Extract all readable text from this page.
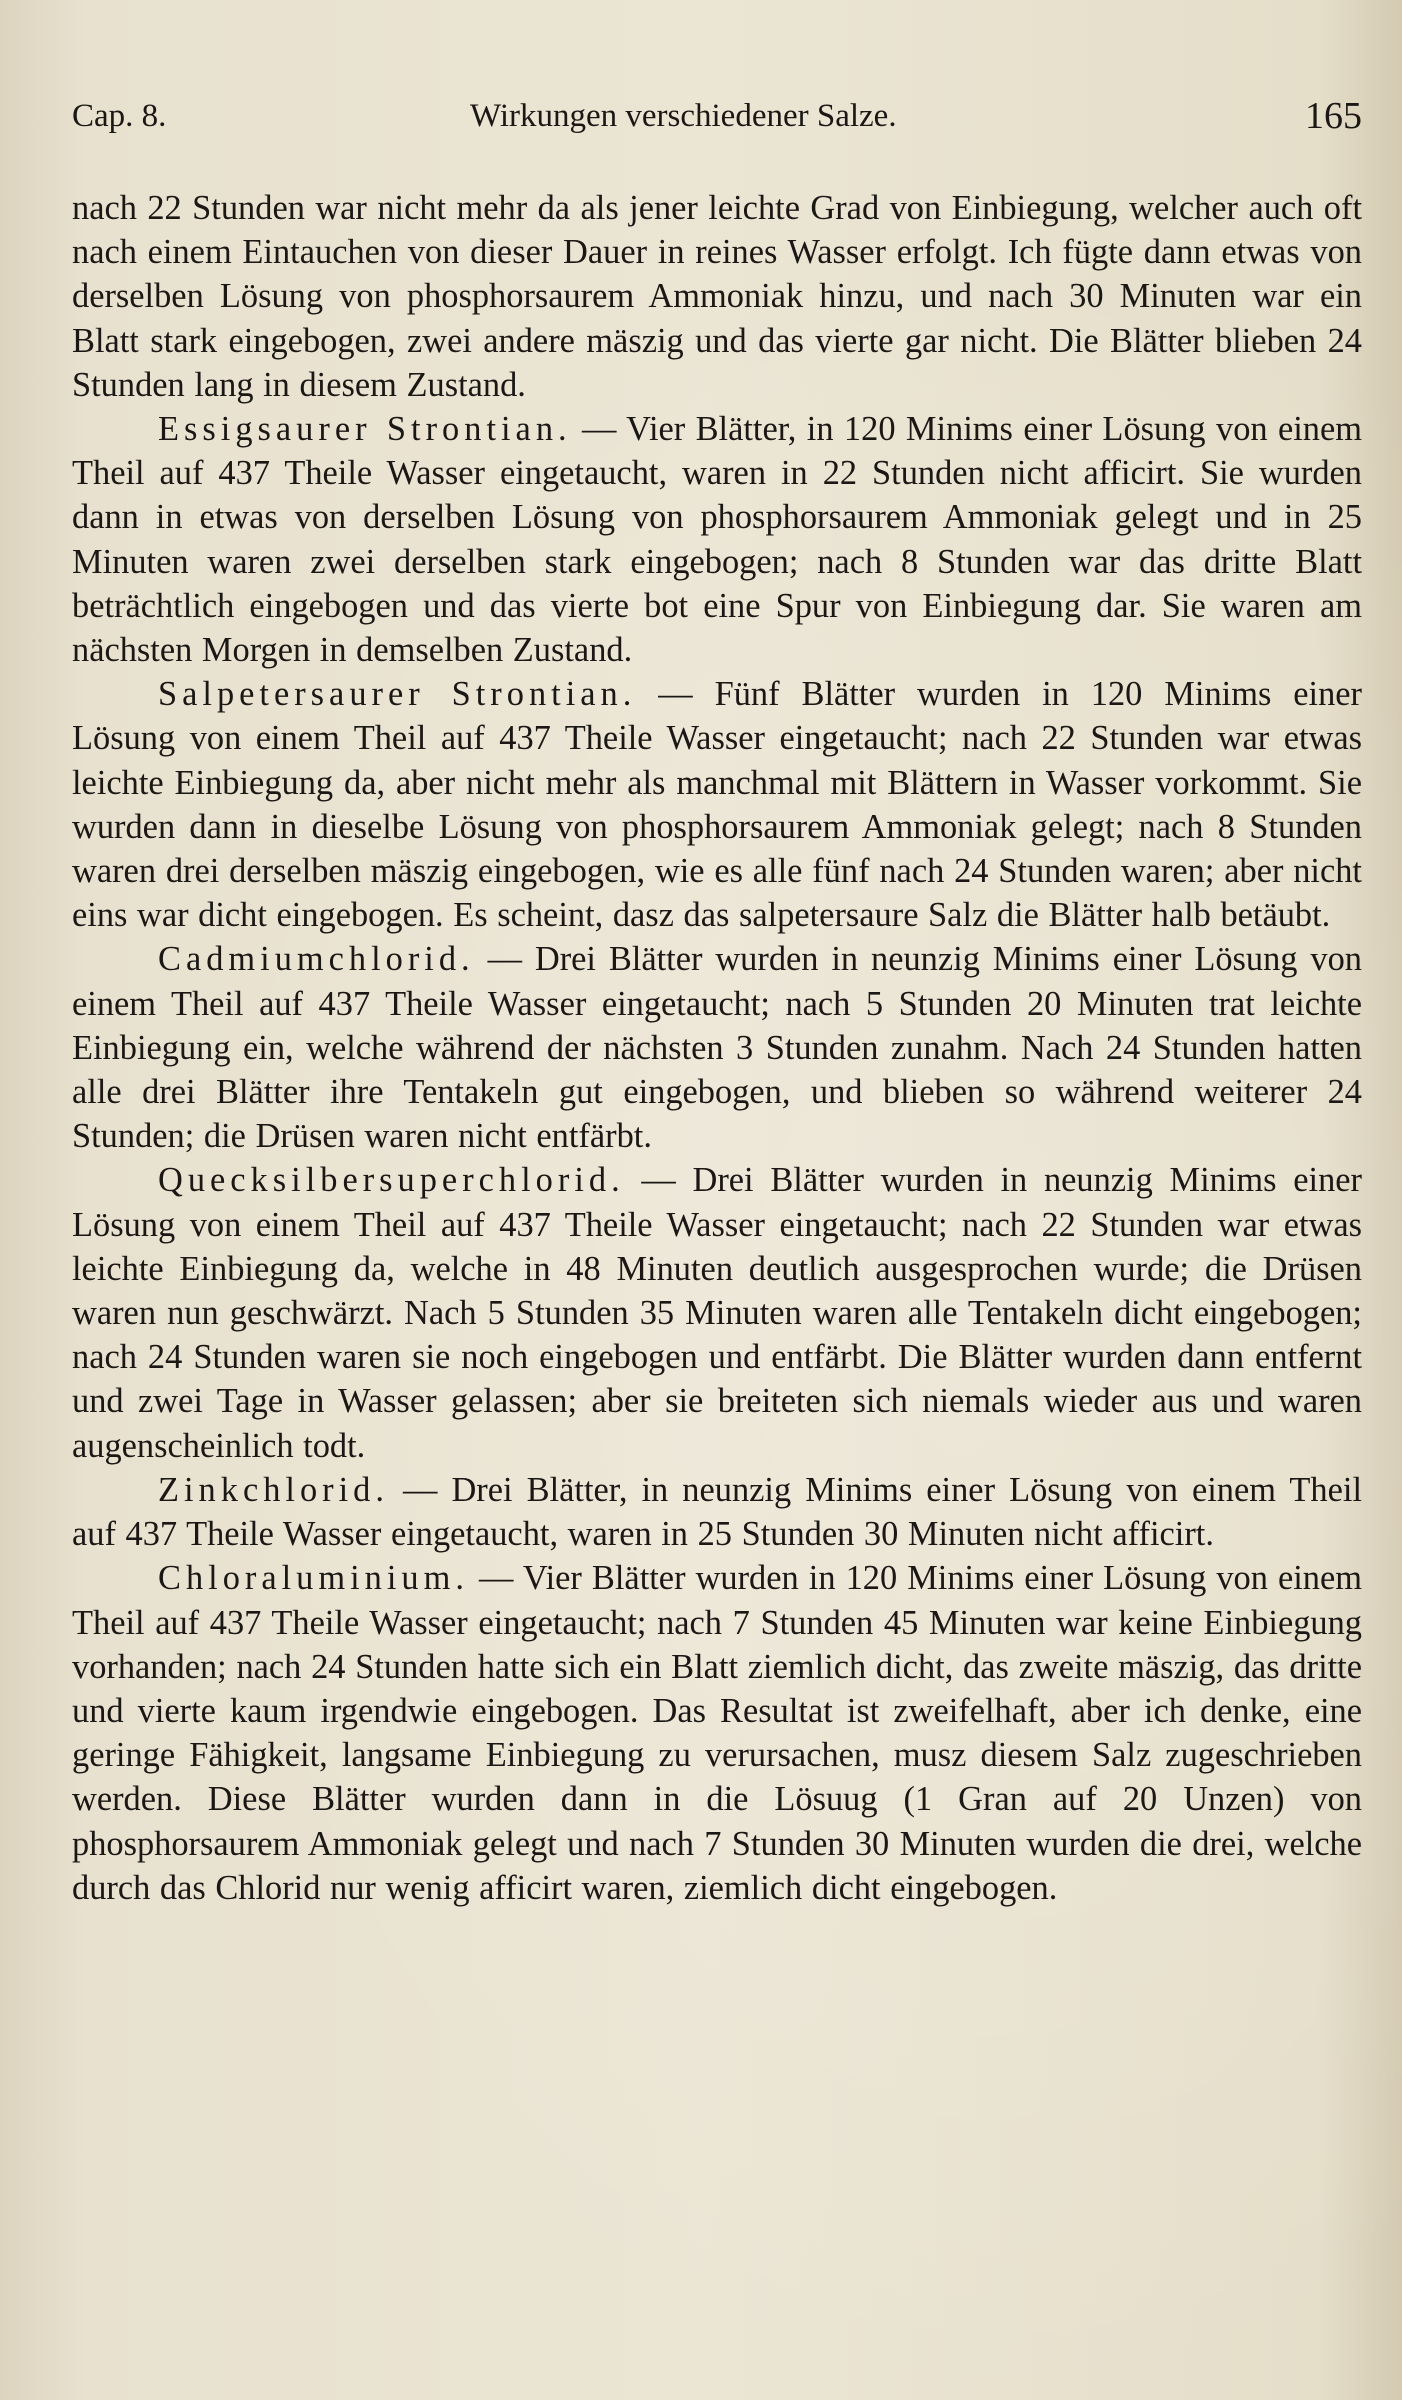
Cap. 8.	Wirkungen verschiedener Salze.	165

nach 22 Stunden war nicht mehr da als jener leichte Grad von Einbiegung, welcher auch oft nach einem Eintauchen von dieser Dauer in reines Wasser erfolgt. Ich fügte dann etwas von derselben Lösung von phosphorsaurem Ammoniak hinzu, und nach 30 Minuten war ein Blatt stark eingebogen, zwei andere mäszig und das vierte gar nicht. Die Blätter blieben 24 Stunden lang in diesem Zustand.

Essigsaurer Strontian. — Vier Blätter, in 120 Minims einer Lösung von einem Theil auf 437 Theile Wasser eingetaucht, waren in 22 Stunden nicht afficirt. Sie wurden dann in etwas von derselben Lösung von phosphorsaurem Ammoniak gelegt und in 25 Minuten waren zwei derselben stark eingebogen; nach 8 Stunden war das dritte Blatt beträchtlich eingebogen und das vierte bot eine Spur von Einbiegung dar. Sie waren am nächsten Morgen in demselben Zustand.

Salpetersaurer Strontian. — Fünf Blätter wurden in 120 Minims einer Lösung von einem Theil auf 437 Theile Wasser eingetaucht; nach 22 Stunden war etwas leichte Einbiegung da, aber nicht mehr als manchmal mit Blättern in Wasser vorkommt. Sie wurden dann in dieselbe Lösung von phosphorsaurem Ammoniak gelegt; nach 8 Stunden waren drei derselben mäszig eingebogen, wie es alle fünf nach 24 Stunden waren; aber nicht eins war dicht eingebogen. Es scheint, dasz das salpetersaure Salz die Blätter halb betäubt.

Cadmiumchlorid. — Drei Blätter wurden in neunzig Minims einer Lösung von einem Theil auf 437 Theile Wasser eingetaucht; nach 5 Stunden 20 Minuten trat leichte Einbiegung ein, welche während der nächsten 3 Stunden zunahm. Nach 24 Stunden hatten alle drei Blätter ihre Tentakeln gut eingebogen, und blieben so während weiterer 24 Stunden; die Drüsen waren nicht entfärbt.

Quecksilbersuperchlorid. — Drei Blätter wurden in neunzig Minims einer Lösung von einem Theil auf 437 Theile Wasser eingetaucht; nach 22 Stunden war etwas leichte Einbiegung da, welche in 48 Minuten deutlich ausgesprochen wurde; die Drüsen waren nun geschwärzt. Nach 5 Stunden 35 Minuten waren alle Tentakeln dicht eingebogen; nach 24 Stunden waren sie noch eingebogen und entfärbt. Die Blätter wurden dann entfernt und zwei Tage in Wasser gelassen; aber sie breiteten sich niemals wieder aus und waren augenscheinlich todt.

Zinkchlorid. — Drei Blätter, in neunzig Minims einer Lösung von einem Theil auf 437 Theile Wasser eingetaucht, waren in 25 Stunden 30 Minuten nicht afficirt.

Chloraluminium. — Vier Blätter wurden in 120 Minims einer Lösung von einem Theil auf 437 Theile Wasser eingetaucht; nach 7 Stunden 45 Minuten war keine Einbiegung vorhanden; nach 24 Stunden hatte sich ein Blatt ziemlich dicht, das zweite mäszig, das dritte und vierte kaum irgendwie eingebogen. Das Resultat ist zweifelhaft, aber ich denke, eine geringe Fähigkeit, langsame Einbiegung zu verursachen, musz diesem Salz zugeschrieben werden. Diese Blätter wurden dann in die Lösuug (1 Gran auf 20 Unzen) von phosphorsaurem Ammoniak gelegt und nach 7 Stunden 30 Minuten wurden die drei, welche durch das Chlorid nur wenig afficirt waren, ziemlich dicht eingebogen.
